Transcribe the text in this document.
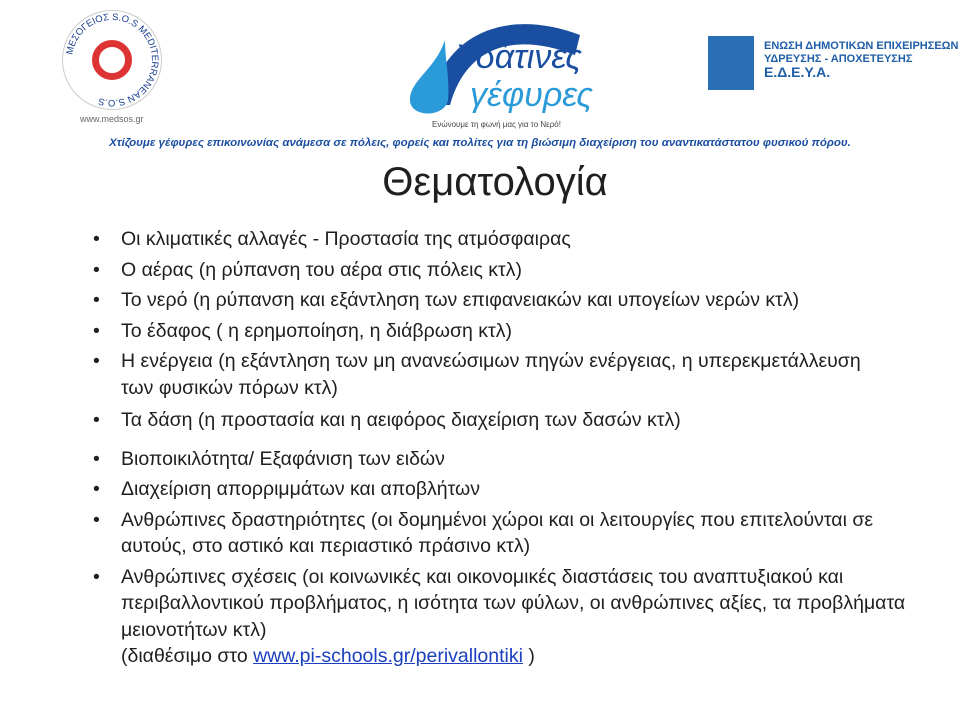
ΜΕΣΟΓΕΙΟΣ S.O.S MEDITERRANEAN S.O.S
www.medsos.gr
Υδάτινες
γέφυρες
Ενώνουμε τη φωνή μας για το Νερό!
ΕΝΩΣΗ ΔΗΜΟΤΙΚΩΝ ΕΠΙΧΕΙΡΗΣΕΩΝ
ΥΔΡΕΥΣΗΣ - ΑΠΟΧΕΤΕΥΣΗΣ
Ε.Δ.Ε.Υ.Α.
Χτίζουμε γέφυρες επικοινωνίας ανάμεσα σε πόλεις, φορείς και πολίτες για τη βιώσιμη διαχείριση του αναντικατάστατου φυσικού πόρου.
Θεματολογία
• Οι κλιματικές αλλαγές - Προστασία της ατμόσφαιρας
• Ο αέρας (η ρύπανση του αέρα στις πόλεις κτλ)
• Το νερό (η ρύπανση και εξάντληση των επιφανειακών και υπογείων νερών κτλ)
• Το έδαφος ( η ερημοποίηση, η διάβρωση κτλ)
• Η ενέργεια (η εξάντληση των μη ανανεώσιμων πηγών ενέργειας, η υπερεκμετάλλευση των φυσικών πόρων κτλ)
• Τα δάση (η προστασία και η αειφόρος διαχείριση των δασών κτλ)
• Βιοποικιλότητα/ Εξαφάνιση των ειδών
• Διαχείριση απορριμμάτων και αποβλήτων
• Ανθρώπινες δραστηριότητες (οι δομημένοι χώροι και οι λειτουργίες που επιτελούνται σε αυτούς, στο αστικό και περιαστικό πράσινο κτλ)
• Ανθρώπινες σχέσεις (οι κοινωνικές και οικονομικές διαστάσεις του αναπτυξιακού και περιβαλλοντικού προβλήματος, η ισότητα των φύλων, οι ανθρώπινες αξίες, τα προβλήματα μειονοτήτων κτλ)
(διαθέσιμο στο www.pi-schools.gr/perivallontiki )
